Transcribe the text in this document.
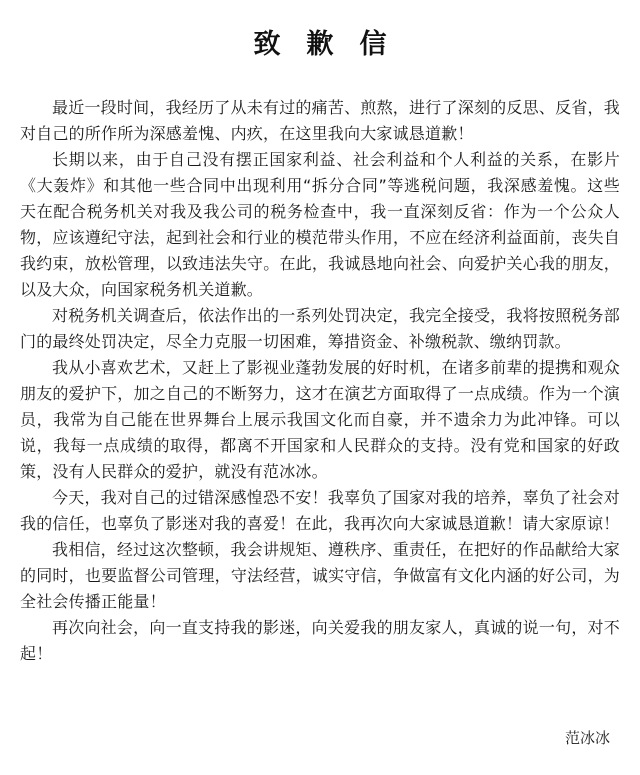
致歉信

最近一段时间，我经历了从未有过的痛苦、煎熬，进行了深刻的反思、反省，我对自己的所作所为深感羞愧、内疚，在这里我向大家诚恳道歉！

长期以来，由于自己没有摆正国家利益、社会利益和个人利益的关系，在影片《大轰炸》和其他一些合同中出现利用“拆分合同”等逃税问题，我深感羞愧。这些天在配合税务机关对我及我公司的税务检查中，我一直深刻反省：作为一个公众人物，应该遵纪守法，起到社会和行业的模范带头作用，不应在经济利益面前，丧失自我约束，放松管理，以致违法失守。在此，我诚恳地向社会、向爱护关心我的朋友，以及大众，向国家税务机关道歉。

对税务机关调查后，依法作出的一系列处罚决定，我完全接受，我将按照税务部门的最终处罚决定，尽全力克服一切困难，筹措资金、补缴税款、缴纳罚款。

我从小喜欢艺术，又赶上了影视业蓬勃发展的好时机，在诸多前辈的提携和观众朋友的爱护下，加之自己的不断努力，这才在演艺方面取得了一点成绩。作为一个演员，我常为自己能在世界舞台上展示我国文化而自豪，并不遗余力为此冲锋。可以说，我每一点成绩的取得，都离不开国家和人民群众的支持。没有党和国家的好政策，没有人民群众的爱护，就没有范冰冰。

今天，我对自己的过错深感惶恐不安！我辜负了国家对我的培养，辜负了社会对我的信任，也辜负了影迷对我的喜爱！在此，我再次向大家诚恳道歉！请大家原谅！

我相信，经过这次整顿，我会讲规矩、遵秩序、重责任，在把好的作品献给大家的同时，也要监督公司管理，守法经营，诚实守信，争做富有文化内涵的好公司，为全社会传播正能量！

再次向社会，向一直支持我的影迷，向关爱我的朋友家人，真诚的说一句，对不起！

范冰冰
